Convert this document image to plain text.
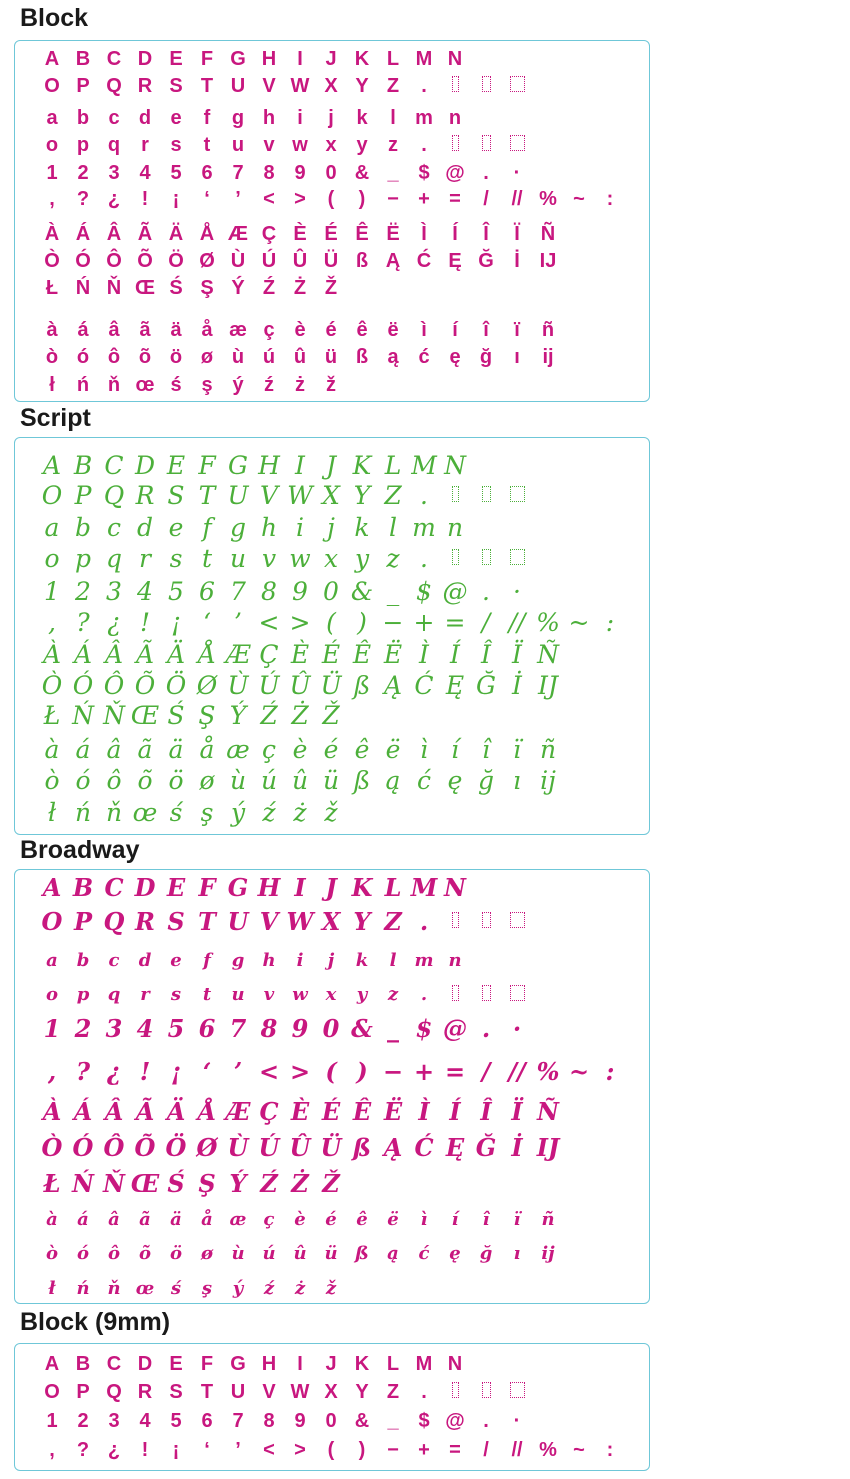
Block
A B C D E F G H	I	J K L M N
O P Q R S T U V W X Y Z	.
a b c d e	f	g h	i	j	k	l m n
o p q	r	s	t	u v w x y	z	.
1 2 3 4 5 6 7 8 9 0 & _ $ @ .	·
,	? ¿	!	¡	‘	’	< >	(	)	− + =	/	// % ~	:
À Á Â Ã Ä Å Æ Ç È É Ê Ë	Ì	Í	Î	Ï	Ñ
Ò Ó Ô Õ Ö Ø Ù Ú Û Ü ß Ą Ć Ę Ğ	İ IJ
Ł Ń Ň Œ Ś Ş Ý Ź Ż Ž
à á â ã ä å æ ç è é ê ë	ì	í	î	ï	ñ
ò ó ô õ ö ø ù ú û ü ß ą ć ę ğ	ı	ij
ł	ń ň œ ś ş ý	ź	ż	ž
Script
A B C D E F G H I J K L M N
O P Q R S T U V W X Y Z .
a b c d e f g h i j k l m n
o p q r s t u v w x y z .
1 2 3 4 5 6 7 8 9 0 & _ $ @ . ·
, ? ¿ ! ¡ ‘ ’ < > ( ) − + = / // % ~ :
À Á Â Ã Ä Å Æ Ç È É Ê Ë Ì Í Î Ï Ñ
Ò Ó Ô Õ Ö Ø Ù Ú Û Ü ß Ą Ć Ę Ğ İ IJ
Ł Ń Ň Œ Ś Ş Ý Ź Ż Ž
à á â ã ä å æ ç è é ê ë ì í î ï ñ
ò ó ô õ ö ø ù ú û ü ß ą ć ę ğ ı ij
ł ń ň œ ś ş ý ź ż ž
Broadway
A B C D E F G H I J K L M N
O P Q R S T U V W X Y Z .
a	b	c	d	e	f	g	h	i	j	k	l	m n
o	p	q	r	s	t	u	v	w x	y	z	.
1 2 3 4 5 6 7 8 9 0 & _ $ @ . ·
, ? ¿ ! ¡ ‘ ’ < > ( ) − + = / // % ~ :
À Á Â Ã Ä Å Æ Ç È É Ê Ë Ì Í Î Ï Ñ
Ò Ó Ô Õ Ö Ø Ù Ú Û Ü ß Ą Ć Ę Ğ İ IJ
Ł Ń Ň Œ Ś Ş Ý Ź Ż Ž
à	á	â	ã	ä	å æ ç	è	é	ê	ë	ì	í	î	ï	ñ
ò	ó	ô	õ	ö	ø	ù ú û ü ß	ą	ć	ę	ğ	ı	ij
ł	ń ň œ ś	ş	ý	ź	ż	ž
Block (9mm)
A B C D E F G H	I	J K L M N
O P Q R S T U V W X Y Z	.
1 2 3 4 5 6 7 8 9 0 & _ $ @ .	·
,	? ¿	!	¡	‘	’	< >	(	)	− + =	/	// % ~	:
